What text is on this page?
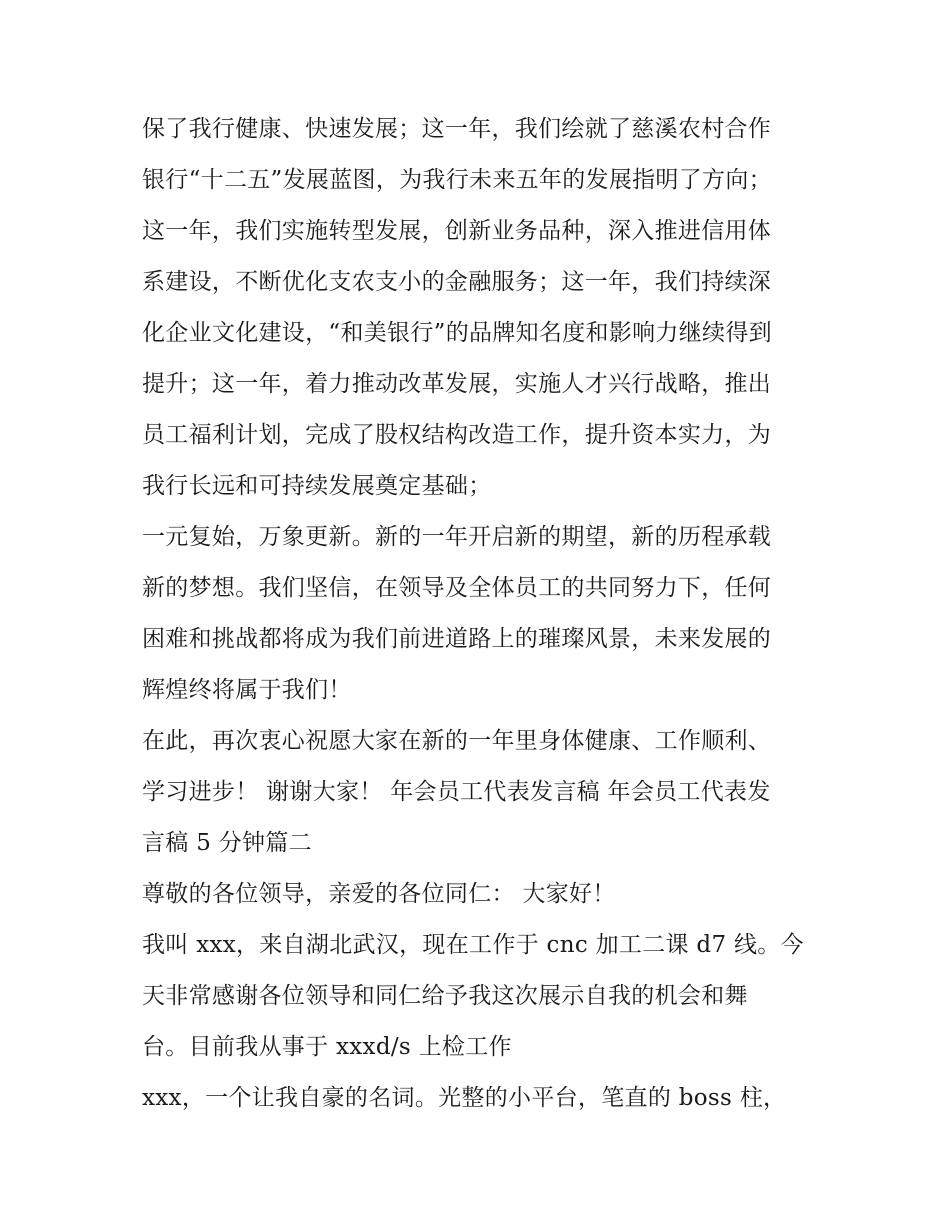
保了我行健康、快速发展；这一年，我们绘就了慈溪农村合作
银行“十二五”发展蓝图，为我行未来五年的发展指明了方向；
这一年，我们实施转型发展，创新业务品种，深入推进信用体
系建设，不断优化支农支小的金融服务；这一年，我们持续深
化企业文化建设，“和美银行”的品牌知名度和影响力继续得到
提升；这一年，着力推动改革发展，实施人才兴行战略，推出
员工福利计划，完成了股权结构改造工作，提升资本实力，为
我行长远和可持续发展奠定基础；
一元复始，万象更新。新的一年开启新的期望，新的历程承载
新的梦想。我们坚信，在领导及全体员工的共同努力下，任何
困难和挑战都将成为我们前进道路上的璀璨风景，未来发展的
辉煌终将属于我们！
在此，再次衷心祝愿大家在新的一年里身体健康、工作顺利、
学习进步！ 谢谢大家！ 年会员工代表发言稿 年会员工代表发
言稿 5 分钟篇二
尊敬的各位领导，亲爱的各位同仁： 大家好！
我叫 xxx，来自湖北武汉，现在工作于 cnc 加工二课 d7 线。今
天非常感谢各位领导和同仁给予我这次展示自我的机会和舞
台。目前我从事于 xxxd/s 上检工作
xxx，一个让我自豪的名词。光整的小平台，笔直的 boss 柱，
